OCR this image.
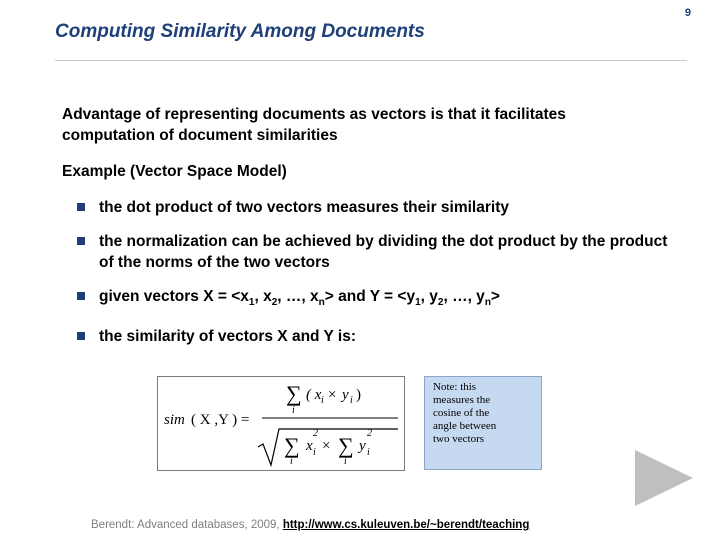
9
Computing Similarity Among Documents
Advantage of representing documents as vectors is that it facilitates computation of document similarities
Example (Vector Space Model)
the dot product of two vectors measures their similarity
the normalization can be achieved by dividing the dot product by the product of the norms of the two vectors
given vectors $X = <x_1$, $x_2$, …, $x_n>$ and $Y = <y_1$, $y_2$, …, $y_n>$
the similarity of vectors X and Y is:
sim ( X ,Y ) =
∑
i
( x i × y i )
∑
i
x
2
i × ∑
i
y
2
i
Note: this
measures the
cosine of the
angle between
two vectors
Berendt: Advanced databases, 2009, http://www.cs.kuleuven.be/~berendt/teaching
